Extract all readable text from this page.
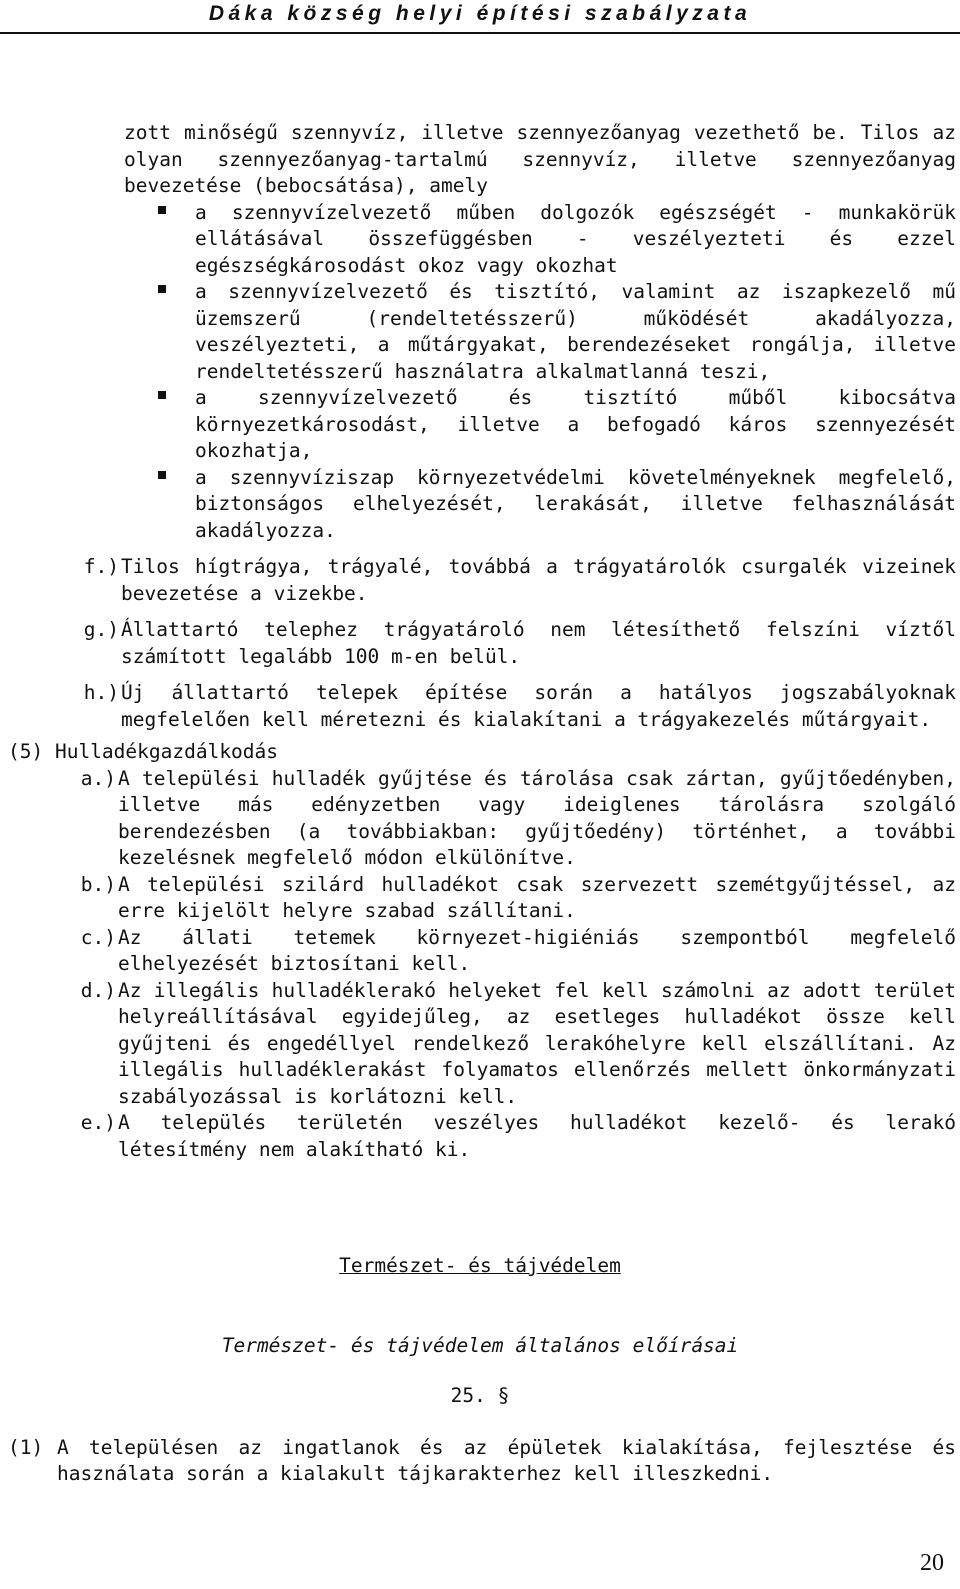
Dáka község helyi építési szabályzata
zott minőségű szennyvíz, illetve szennyezőanyag vezethető be. Tilos az olyan szennyezőanyag-tartalmú szennyvíz, illetve szennyezőanyag bevezetése (bebocsátása), amely
a szennyvízelvezető műben dolgozók egészségét - munkakörük ellátásával összefüggésben - veszélyezteti és ezzel egészségkárosodást okoz vagy okozhat
a szennyvízelvezető és tisztító, valamint az iszapkezelő mű üzemszerű (rendeltetésszerű) működését akadályozza, veszélyezteti, a műtárgyakat, berendezéseket rongálja, illetve rendeltetésszerű használatra alkalmatlanná teszi,
a szennyvízelvezető és tisztító műből kibocsátva környezetkárosodást, illetve a befogadó káros szennyezését okozhatja,
a szennyvíziszap környezetvédelmi követelményeknek megfelelő, biztonságos elhelyezését, lerakását, illetve felhasználását akadályozza.
f.) Tilos hígtrágya, trágyalé, továbbá a trágyatárolók csurgalék vizeinek bevezetése a vizekbe.
g.) Állattartó telephez trágyatároló nem létesíthető felszíni víztől számított legalább 100 m-en belül.
h.) Új állattartó telepek építése során a hatályos jogszabályoknak megfelelően kell méretezni és kialakítani a trágyakezelés műtárgyait.
(5) Hulladékgazdálkodás
a.) A települési hulladék gyűjtése és tárolása csak zártan, gyűjtőedényben, illetve más edényzetben vagy ideiglenes tárolásra szolgáló berendezésben (a továbbiakban: gyűjtőedény) történhet, a további kezelésnek megfelelő módon elkülönítve.
b.) A települési szilárd hulladékot csak szervezett szemétgyűjtéssel, az erre kijelölt helyre szabad szállítani.
c.) Az állati tetemek környezet-higiéniás szempontból megfelelő elhelyezését biztosítani kell.
d.) Az illegális hulladéklerakó helyeket fel kell számolni az adott terület helyreállításával egyidejűleg, az esetleges hulladékot össze kell gyűjteni és engedéllyel rendelkező lerakóhelyre kell elszállítani. Az illegális hulladéklerakást folyamatos ellenőrzés mellett önkormányzati szabályozással is korlátozni kell.
e.) A település területén veszélyes hulladékot kezelő- és lerakó létesítmény nem alakítható ki.
Természet- és tájvédelem
Természet- és tájvédelem általános előírásai
25. §
(1) A településen az ingatlanok és az épületek kialakítása, fejlesztése és használata során a kialakult tájkarakterhez kell illeszkedni.
20
